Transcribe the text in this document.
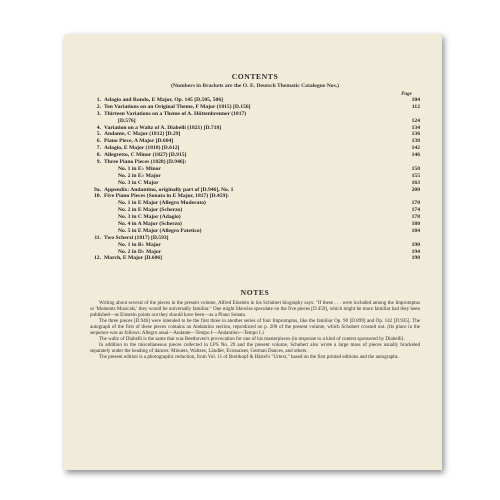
CONTENTS
(Numbers in Brackets are the O. E. Deutsch Thematic Catalogue Nos.)
Page
1. Adagio and Rondo, E Major, Op. 145 [D.505, 506]	104
2. Ten Variations on an Original Theme, F Major (1815) [D.156]	112
3. Thirteen Variations on a Theme of A. Hüttenbrenner (1817)
[D.576]	124
4. Variation on a Waltz of A. Diabelli (1821) [D.718]	134
5. Andante, C Major (1812) [D.29]	136
6. Piano Piece, A Major [D.604]	138
7. Adagio, E Major (1818) [D.612]	142
8. Allegretto, C Minor (1827) [D.915]	146
9. Three Piano Pieces (1828) [D.946]:
No. 1 in E♭ Minor	150
No. 2 in E♭ Major	155
No. 3 in C Major	163
9a. Appendix: Andantino, originally part of [D.946], No. 1	200
10. Five Piano Pieces (Sonata in E Major, 1817) [D.459]:
No. 1 in E Major (Allegro Moderato)	170
No. 2 in E Major (Scherzo)	174
No. 3 in C Major (Adagio)	178
No. 4 in A Major (Scherzo)	180
No. 5 in E Major (Allegro Patetico)	184
11. Two Scherzi (1817) [D.593]
No. 1 in B♭ Major	190
No. 2 in D♭ Major	194
12. March, E Major [D.606]	198
NOTES

Writing about several of the pieces in the present volume, Alfred Einstein in his Schubert biography says: "If these . . . were included among the Impromptus or 'Moments Musicals,' they would be universally familiar." One might likewise speculate on the five pieces [D.459], which might be more familiar had they been published—as Einstein points out they should have been—as a Piano Sonata.

The three pieces [D.946] were intended to be the first three in another series of four Impromptus, like the familiar Op. 90 [D.899] and Op. 142 [D.935]. The autograph of the first of these pieces contains an Andantino section, reproduced on p. 200 of the present volume, which Schubert crossed out. (Its place in the sequence was as follows: Allegro assai—Andante—Tempo I—Andantino—Tempo I.)

The waltz of Diabelli is the same that was Beethoven's provocation for one of his masterpieces (in response to a kind of contest sponsored by Diabelli).

In addition to the miscellaneous pieces collected in LPS No. 29 and the present volume, Schubert also wrote a large mass of pieces usually bracketed separately under the heading of dances: Minuets, Waltzes, Ländler, Ecossaises, German Dances, and others.

The present edition is a photographic reduction, from Vol. 11 of Breitkopf & Härtel's "Urtext," based on the first printed editions and the autographs.
